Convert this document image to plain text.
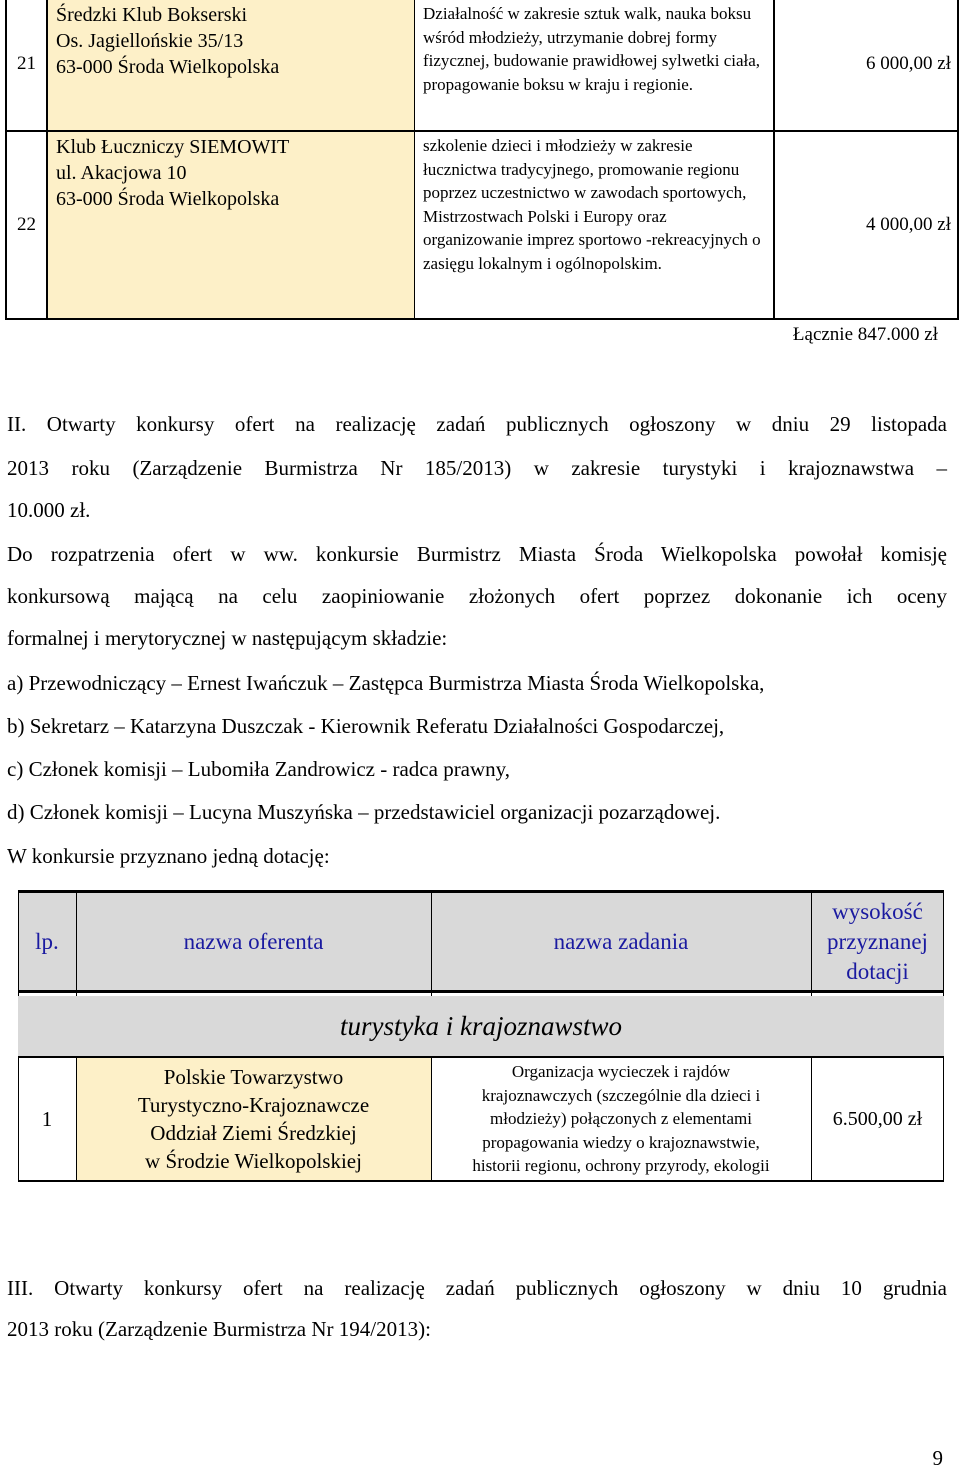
21
Średzki Klub Bokserski
Os. Jagiellońskie 35/13
63-000 Środa Wielkopolska
Działalność w zakresie sztuk walk, nauka boksu wśród młodzieży, utrzymanie dobrej formy fizycznej, budowanie prawidłowej sylwetki ciała, propagowanie boksu w kraju i regionie.
6 000,00 zł
22
Klub Łuczniczy SIEMOWIT
ul. Akacjowa 10
63-000 Środa Wielkopolska
szkolenie dzieci i młodzieży w zakresie łucznictwa tradycyjnego, promowanie regionu poprzez uczestnictwo w zawodach sportowych, Mistrzostwach Polski i Europy oraz organizowanie imprez sportowo -rekreacyjnych o zasięgu lokalnym i ogólnopolskim.
4 000,00 zł
Łącznie 847.000 zł
II. Otwarty konkursy ofert na realizację zadań publicznych ogłoszony w dniu 29 listopada
2013 roku (Zarządzenie Burmistrza Nr 185/2013) w zakresie turystyki i krajoznawstwa –
10.000 zł.
Do rozpatrzenia ofert w ww. konkursie Burmistrz Miasta Środa Wielkopolska powołał komisję
konkursową mającą na celu zaopiniowanie złożonych ofert poprzez dokonanie ich oceny
formalnej i merytorycznej w następującym składzie:
a) Przewodniczący – Ernest Iwańczuk – Zastępca Burmistrza Miasta Środa Wielkopolska,
b) Sekretarz – Katarzyna Duszczak - Kierownik Referatu Działalności Gospodarczej,
c) Członek komisji – Lubomiła Zandrowicz - radca prawny,
d) Członek komisji – Lucyna Muszyńska – przedstawiciel organizacji pozarządowej.
W konkursie przyznano jedną dotację:
lp.	nazwa oferenta	nazwa zadania
wysokość
przyznanej
dotacji
turystyka i krajoznawstwo
1
Polskie Towarzystwo
Turystyczno-Krajoznawcze
Oddział Ziemi Średzkiej
w Środzie Wielkopolskiej
Organizacja wycieczek i rajdów
krajoznawczych (szczególnie dla dzieci i
młodzieży) połączonych z elementami
propagowania wiedzy o krajoznawstwie,
historii regionu, ochrony przyrody, ekologii
6.500,00 zł
III. Otwarty konkursy ofert na realizację zadań publicznych ogłoszony w dniu 10 grudnia
2013 roku (Zarządzenie Burmistrza Nr 194/2013):
9
